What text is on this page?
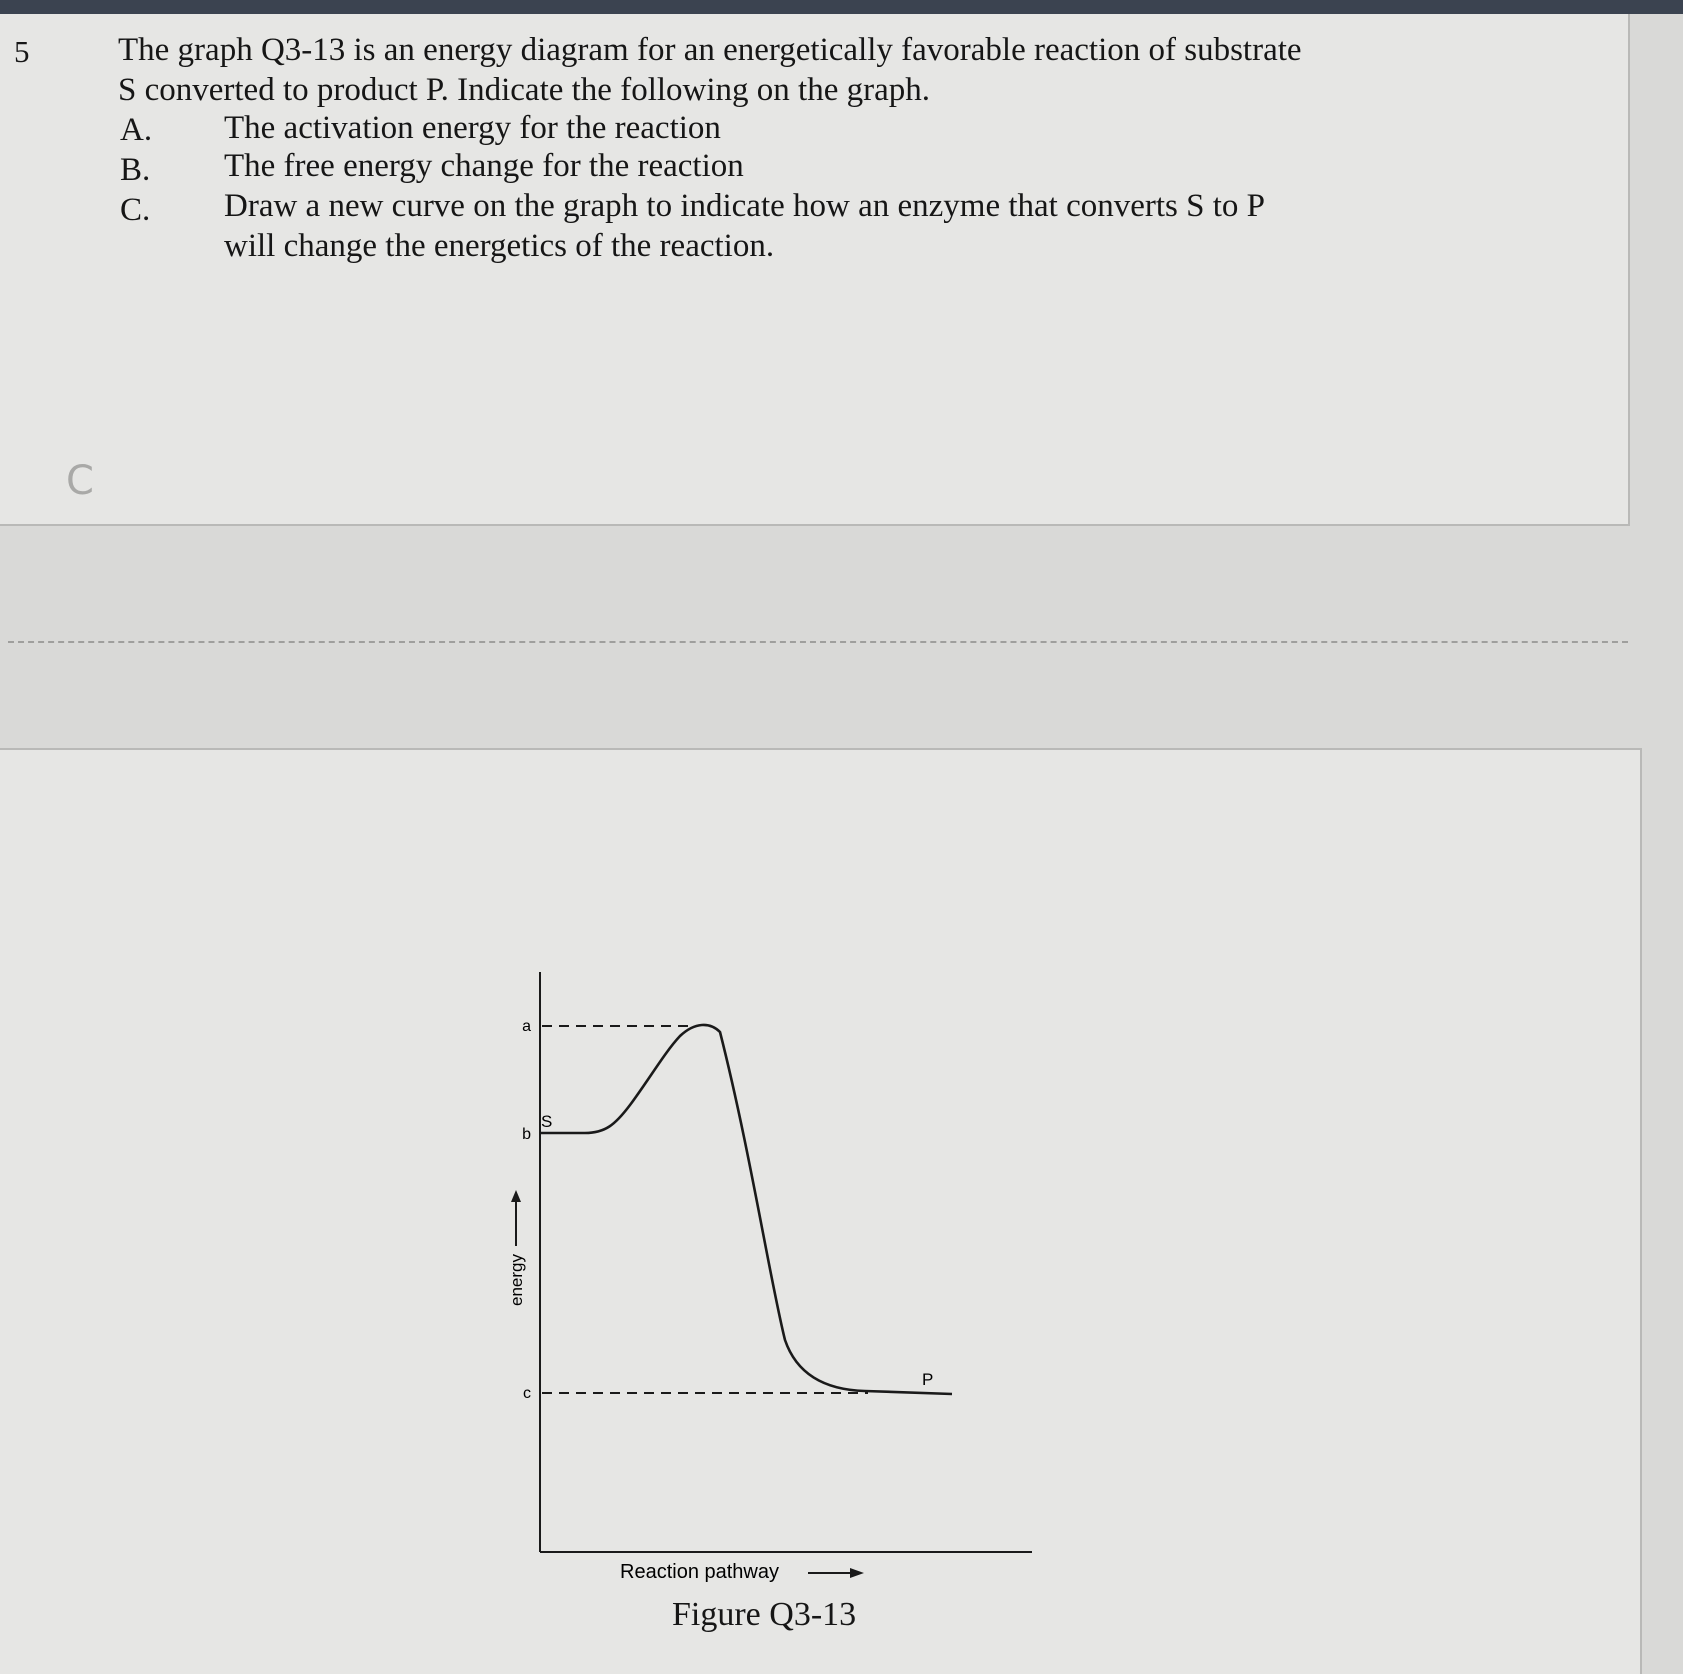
5	The graph Q3-13 is an energy diagram for an energetically favorable reaction of substrate
S converted to product P. Indicate the following on the graph.
A. The activation energy for the reaction
B. The free energy change for the reaction
C. Draw a new curve on the graph to indicate how an enzyme that converts S to P
will change the energetics of the reaction.
C
a
b
c
S
P
energy
Reaction pathway
Figure Q3-13
